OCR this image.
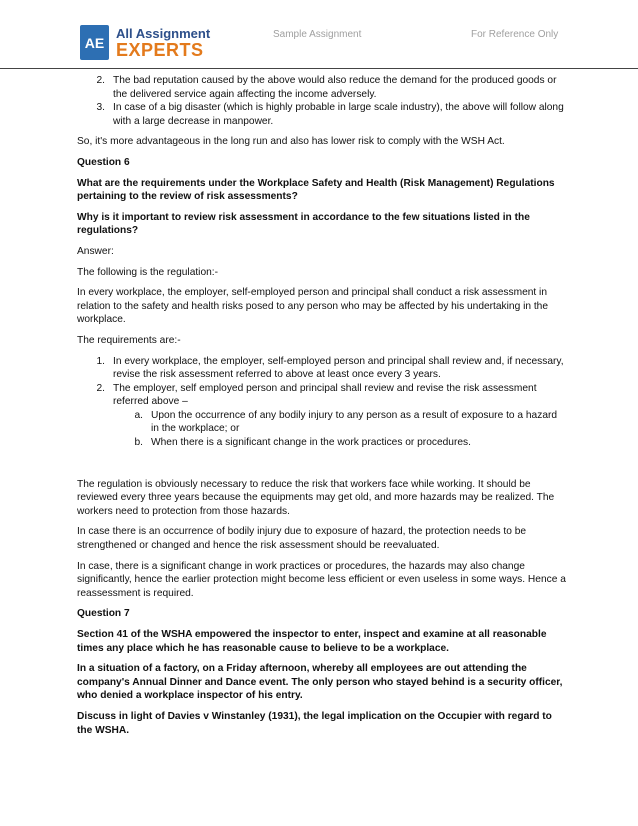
AE
All Assignment
EXPERTS
Sample Assignment	For Reference Only
2. The bad reputation caused by the above would also reduce the demand for the produced goods or the delivered service again affecting the income adversely.
3. In case of a big disaster (which is highly probable in large scale industry), the above will follow along with a large decrease in manpower.

So, it's more advantageous in the long run and also has lower risk to comply with the WSH Act.

Question 6

What are the requirements under the Workplace Safety and Health (Risk Management) Regulations pertaining to the review of risk assessments?

Why is it important to review risk assessment in accordance to the few situations listed in the regulations?

Answer:

The following is the regulation:-

In every workplace, the employer, self-employed person and principal shall conduct a risk assessment in relation to the safety and health risks posed to any person who may be affected by his undertaking in the workplace.

The requirements are:-

1. In every workplace, the employer, self-employed person and principal shall review and, if necessary, revise the risk assessment referred to above at least once every 3 years.
2. The employer, self employed person and principal shall review and revise the risk assessment referred above –
a. Upon the occurrence of any bodily injury to any person as a result of exposure to a hazard in the workplace; or
b. When there is a significant change in the work practices or procedures.

The regulation is obviously necessary to reduce the risk that workers face while working. It should be reviewed every three years because the equipments may get old, and more hazards may be realized. The workers need to protection from those hazards.

In case there is an occurrence of bodily injury due to exposure of hazard, the protection needs to be strengthened or changed and hence the risk assessment should be reevaluated.

In case, there is a significant change in work practices or procedures, the hazards may also change significantly, hence the earlier protection might become less efficient or even useless in some ways. Hence a reassessment is required.

Question 7

Section 41 of the WSHA empowered the inspector to enter, inspect and examine at all reasonable times any place which he has reasonable cause to believe to be a workplace.

In a situation of a factory, on a Friday afternoon, whereby all employees are out attending the company's Annual Dinner and Dance event. The only person who stayed behind is a security officer, who denied a workplace inspector of his entry.

Discuss in light of Davies v Winstanley (1931), the legal implication on the Occupier with regard to the WSHA.
